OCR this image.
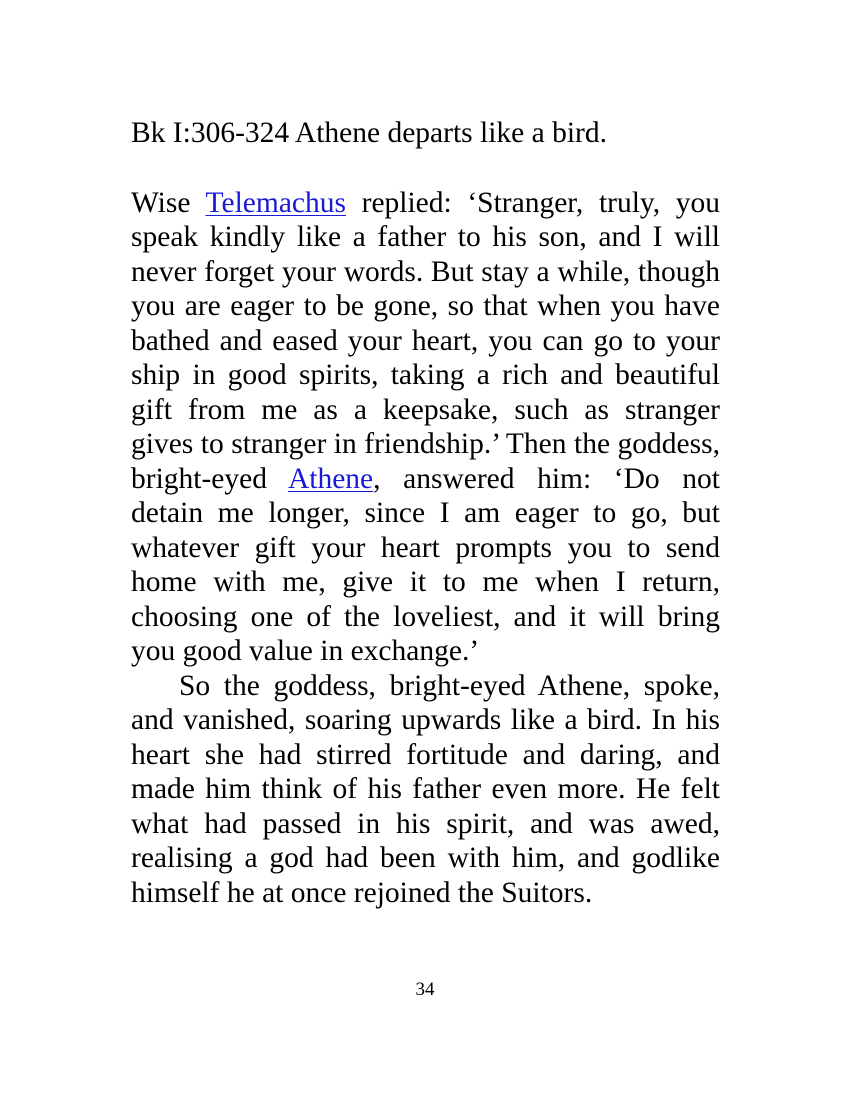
Bk I:306-324 Athene departs like a bird.

Wise Telemachus replied: ‘Stranger, truly, you speak kindly like a father to his son, and I will never forget your words. But stay a while, though you are eager to be gone, so that when you have bathed and eased your heart, you can go to your ship in good spirits, taking a rich and beautiful gift from me as a keepsake, such as stranger gives to stranger in friendship.’ Then the goddess, bright-eyed Athene, answered him: ‘Do not detain me longer, since I am eager to go, but whatever gift your heart prompts you to send home with me, give it to me when I return, choosing one of the loveliest, and it will bring you good value in exchange.’

So the goddess, bright-eyed Athene, spoke, and vanished, soaring upwards like a bird. In his heart she had stirred fortitude and daring, and made him think of his father even more. He felt what had passed in his spirit, and was awed, realising a god had been with him, and godlike himself he at once rejoined the Suitors.

34
